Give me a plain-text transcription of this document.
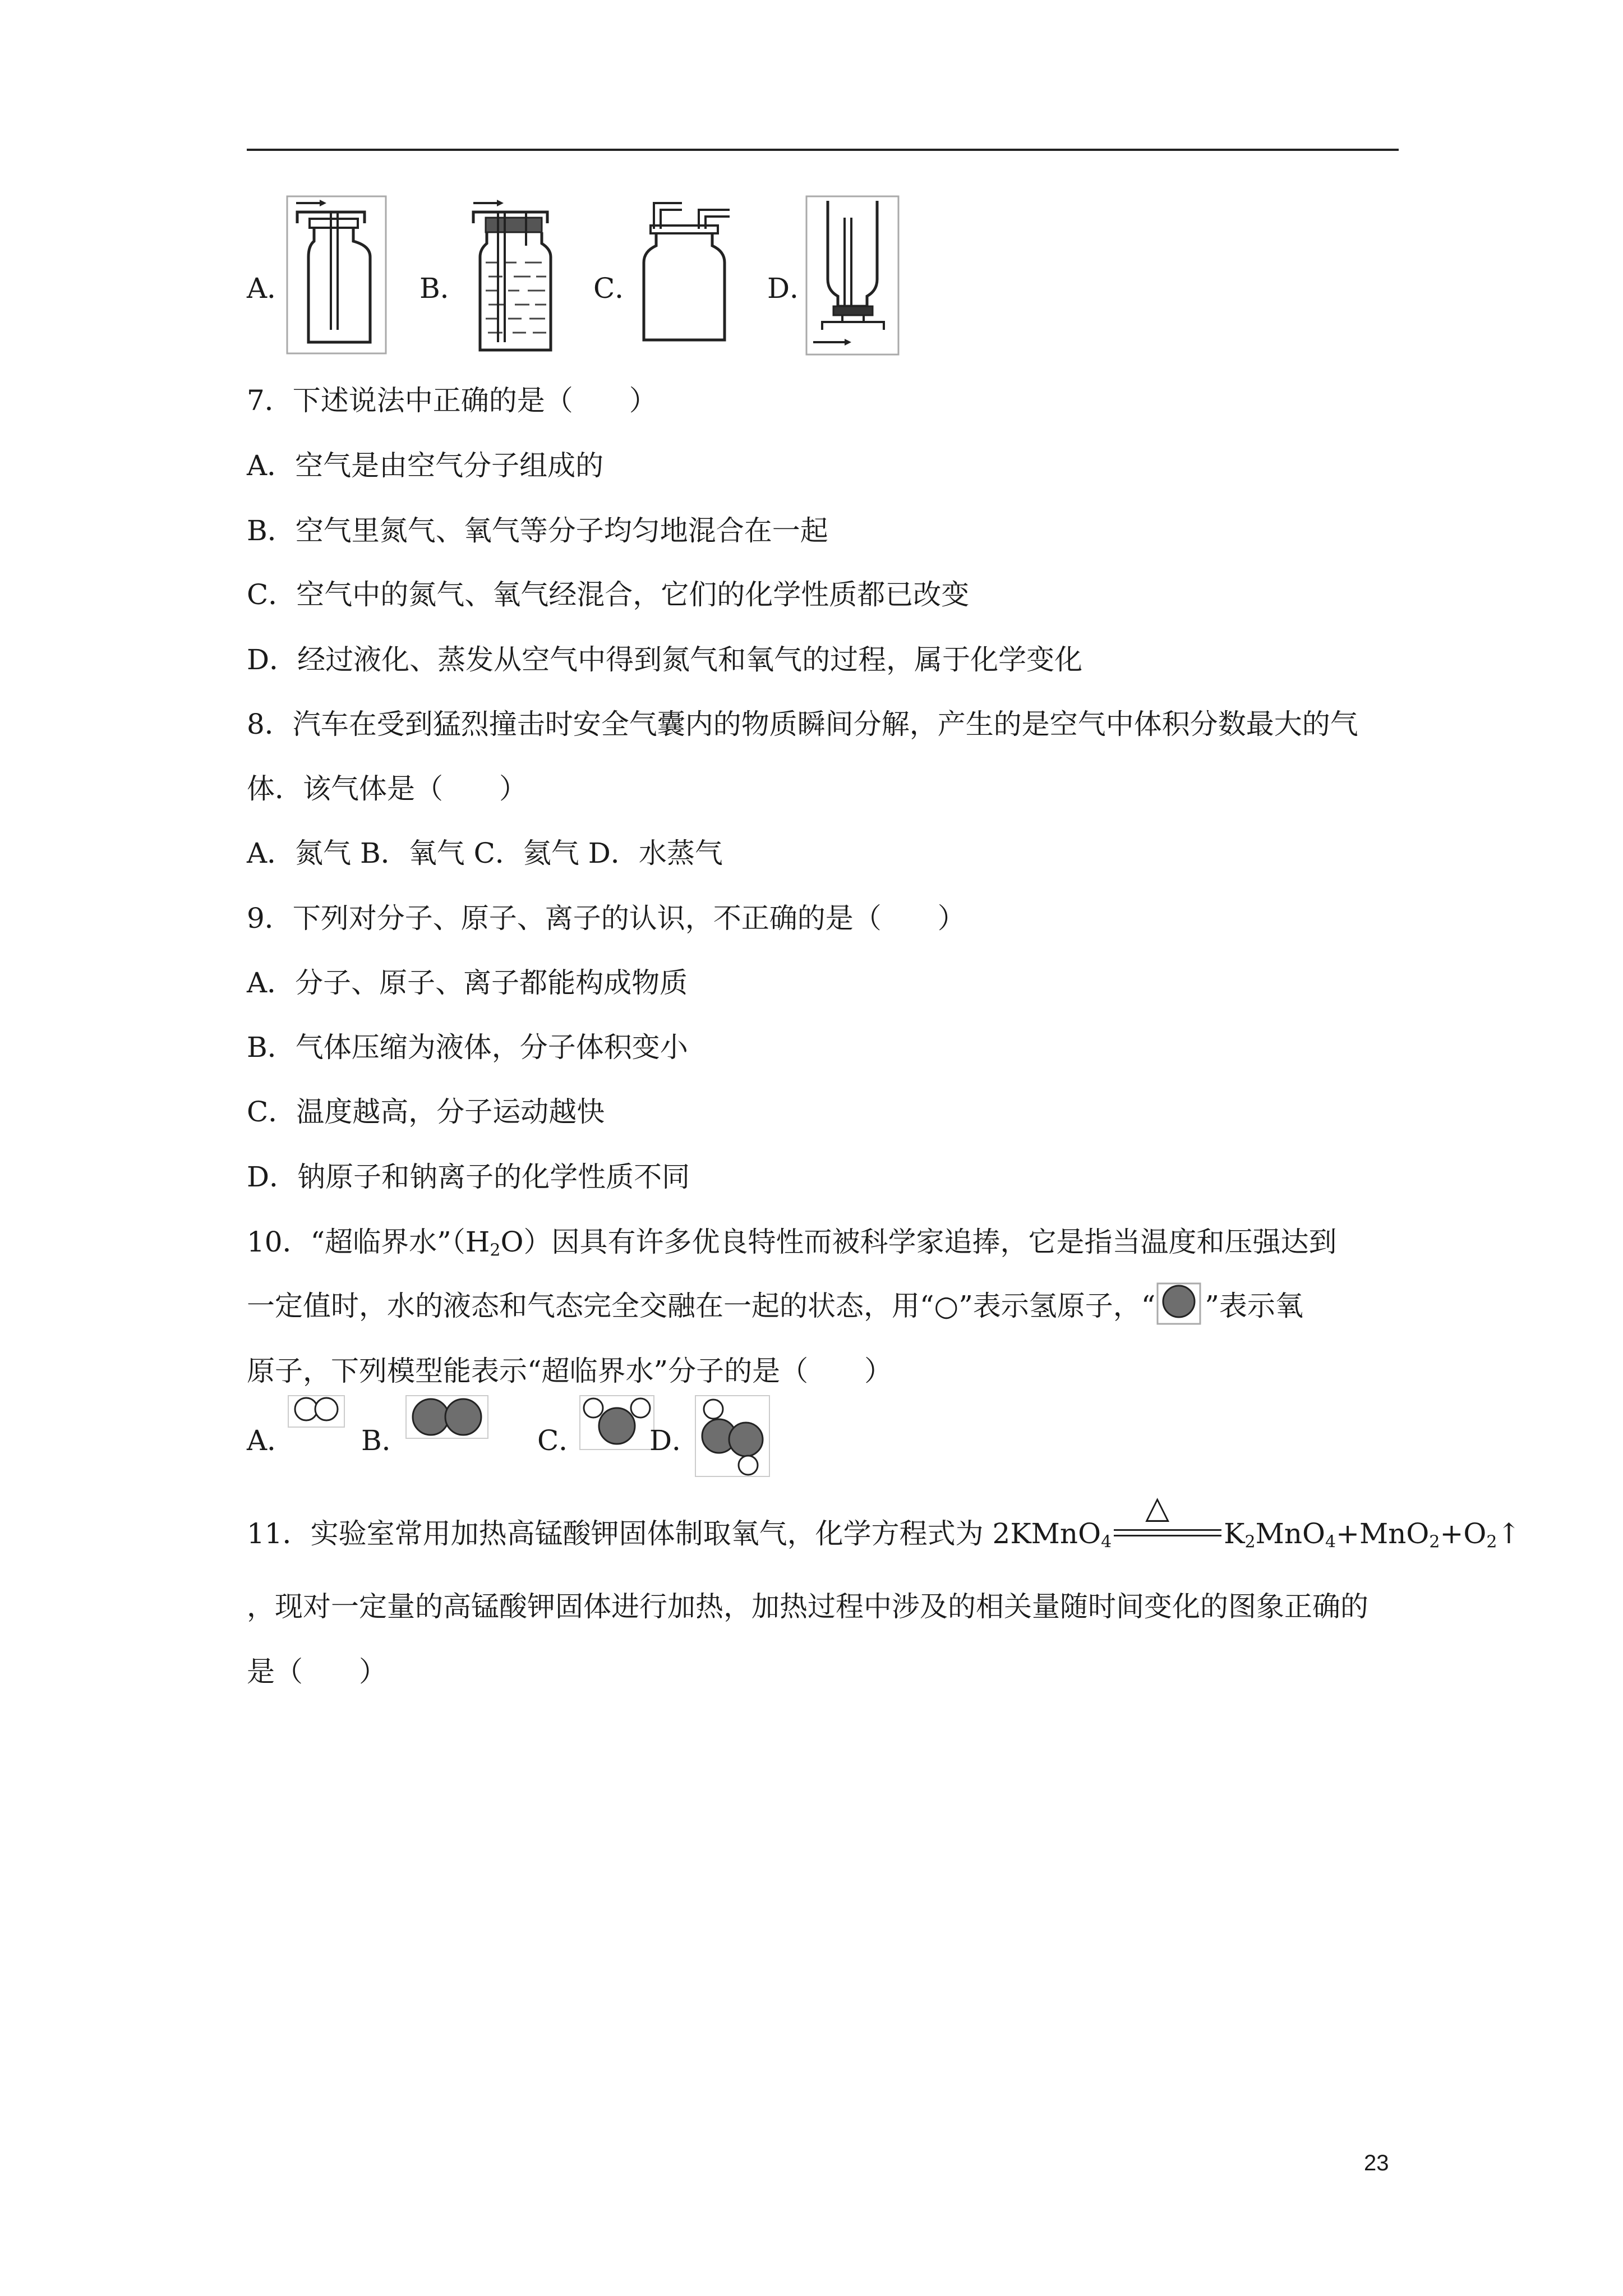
A．	B．	C．	D．
7．下述说法中正确的是（　　）
A．空气是由空气分子组成的
B．空气里氮气、氧气等分子均匀地混合在一起
C．空气中的氮气、氧气经混合，它们的化学性质都已改变
D．经过液化、蒸发从空气中得到氮气和氧气的过程，属于化学变化
8．汽车在受到猛烈撞击时安全气囊内的物质瞬间分解，产生的是空气中体积分数最大的气
体．该气体是（　　）
A．氮气 B．氧气 C．氦气 D．水蒸气
9．下列对分子、原子、离子的认识，不正确的是（　　）
A．分子、原子、离子都能构成物质
B．气体压缩为液体，分子体积变小
C．温度越高，分子运动越快
D．钠原子和钠离子的化学性质不同
10．“超临界水$”(H_2O)$因具有许多优良特性而被科学家追捧，它是指当温度和压强达到
一定值时，水的液态和气态完全交融在一起的状态，用“○”表示氢原子，“ ”表示氧
原子，下列模型能表示“超临界水”分子的是（　　）
A． B．	C． D．
11．实验室常用加热高锰酸钾固体制取氧气，化学方程式为 2KMnO$_4$
△
$K_2MnO_4+MnO_2+O_2↑$
，现对一定量的高锰酸钾固体进行加热，加热过程中涉及的相关量随时间变化的图象正确的
是（　　）
23
